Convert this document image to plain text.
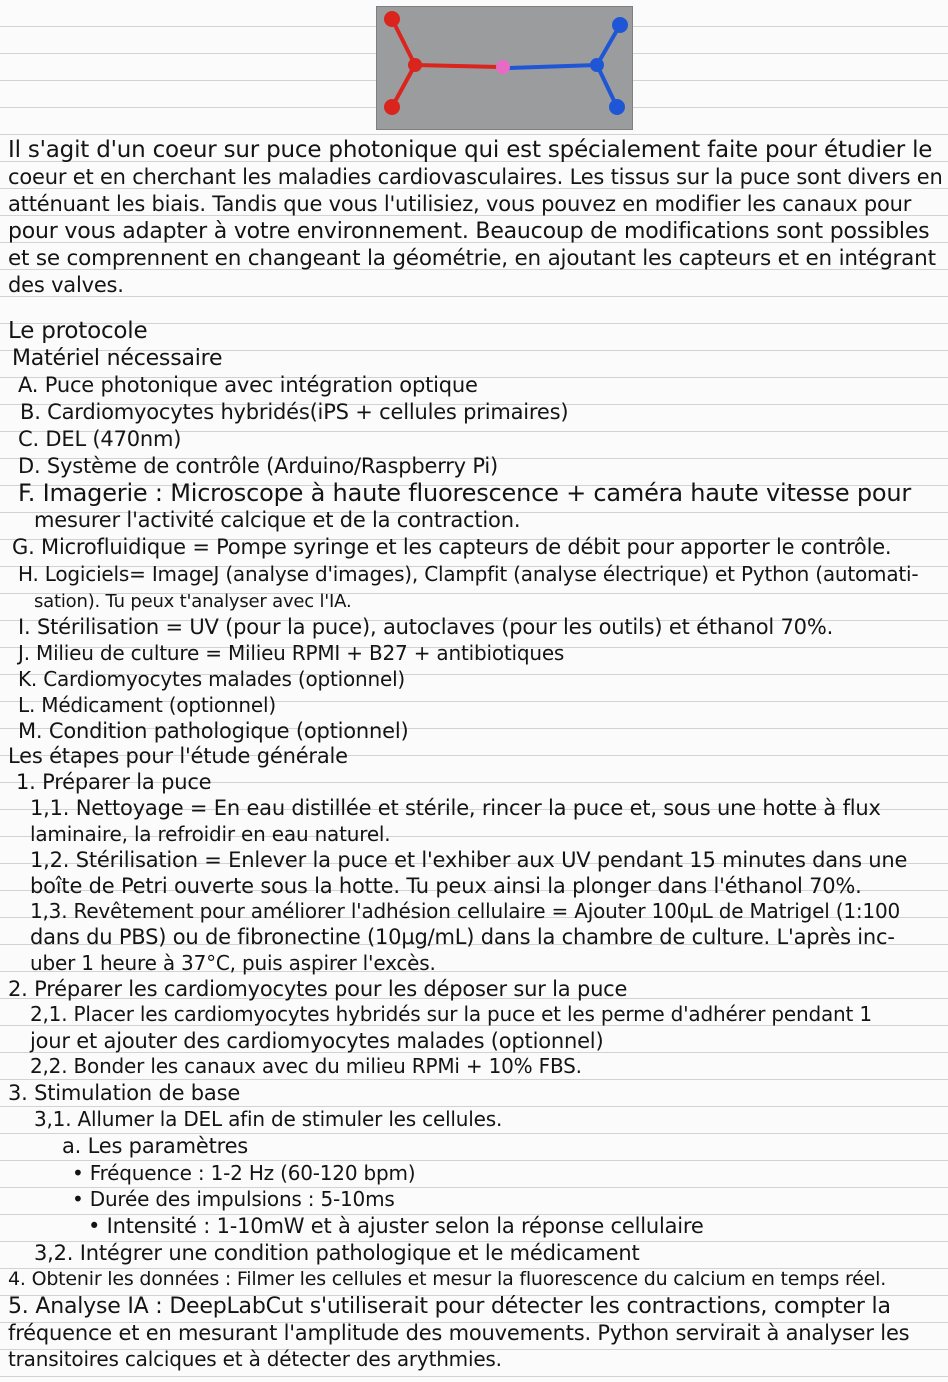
Il s'agit d'un coeur sur puce photonique qui est spécialement faite pour étudier le
coeur et en cherchant les maladies cardiovasculaires. Les tissus sur la puce sont divers en
atténuant les biais. Tandis que vous l'utilisiez, vous pouvez en modifier les canaux pour
pour vous adapter à votre environnement. Beaucoup de modifications sont possibles
et se comprennent en changeant la géométrie, en ajoutant les capteurs et en intégrant
des valves.
Le protocole
Matériel nécessaire
A. Puce photonique avec intégration optique
B. Cardiomyocytes hybridés(iPS + cellules primaires)
C. DEL (470nm)
D. Système de contrôle (Arduino/Raspberry Pi)
F. Imagerie : Microscope à haute fluorescence + caméra haute vitesse pour
mesurer l'activité calcique et de la contraction.
G. Microfluidique = Pompe syringe et les capteurs de débit pour apporter le contrôle.
H. Logiciels= ImageJ (analyse d'images), Clampfit (analyse électrique) et Python (automati-
sation). Tu peux t'analyser avec l'IA.
I. Stérilisation = UV (pour la puce), autoclaves (pour les outils) et éthanol 70%.
J. Milieu de culture = Milieu RPMI + B27 + antibiotiques
K. Cardiomyocytes malades (optionnel)
L. Médicament (optionnel)
M. Condition pathologique (optionnel)
Les étapes pour l'étude générale
1. Préparer la puce
1,1. Nettoyage = En eau distillée et stérile, rincer la puce et, sous une hotte à flux
laminaire, la refroidir en eau naturel.
1,2. Stérilisation = Enlever la puce et l'exhiber aux UV pendant 15 minutes dans une
boîte de Petri ouverte sous la hotte. Tu peux ainsi la plonger dans l'éthanol 70%.
1,3. Revêtement pour améliorer l'adhésion cellulaire = Ajouter 100µL de Matrigel (1:100
dans du PBS) ou de fibronectine (10µg/mL) dans la chambre de culture. L'après inc-
uber 1 heure à 37°C, puis aspirer l'excès.
2. Préparer les cardiomyocytes pour les déposer sur la puce
2,1. Placer les cardiomyocytes hybridés sur la puce et les perme d'adhérer pendant 1
jour et ajouter des cardiomyocytes malades (optionnel)
2,2. Bonder les canaux avec du milieu RPMi + 10% FBS.
3. Stimulation de base
3,1. Allumer la DEL afin de stimuler les cellules.
a. Les paramètres
• Fréquence : 1-2 Hz (60-120 bpm)
• Durée des impulsions : 5-10ms
• Intensité : 1-10mW et à ajuster selon la réponse cellulaire
3,2. Intégrer une condition pathologique et le médicament
4. Obtenir les données : Filmer les cellules et mesur la fluorescence du calcium en temps réel.
5. Analyse IA : DeepLabCut s'utiliserait pour détecter les contractions, compter la
fréquence et en mesurant l'amplitude des mouvements. Python servirait à analyser les
transitoires calciques et à détecter des arythmies.
